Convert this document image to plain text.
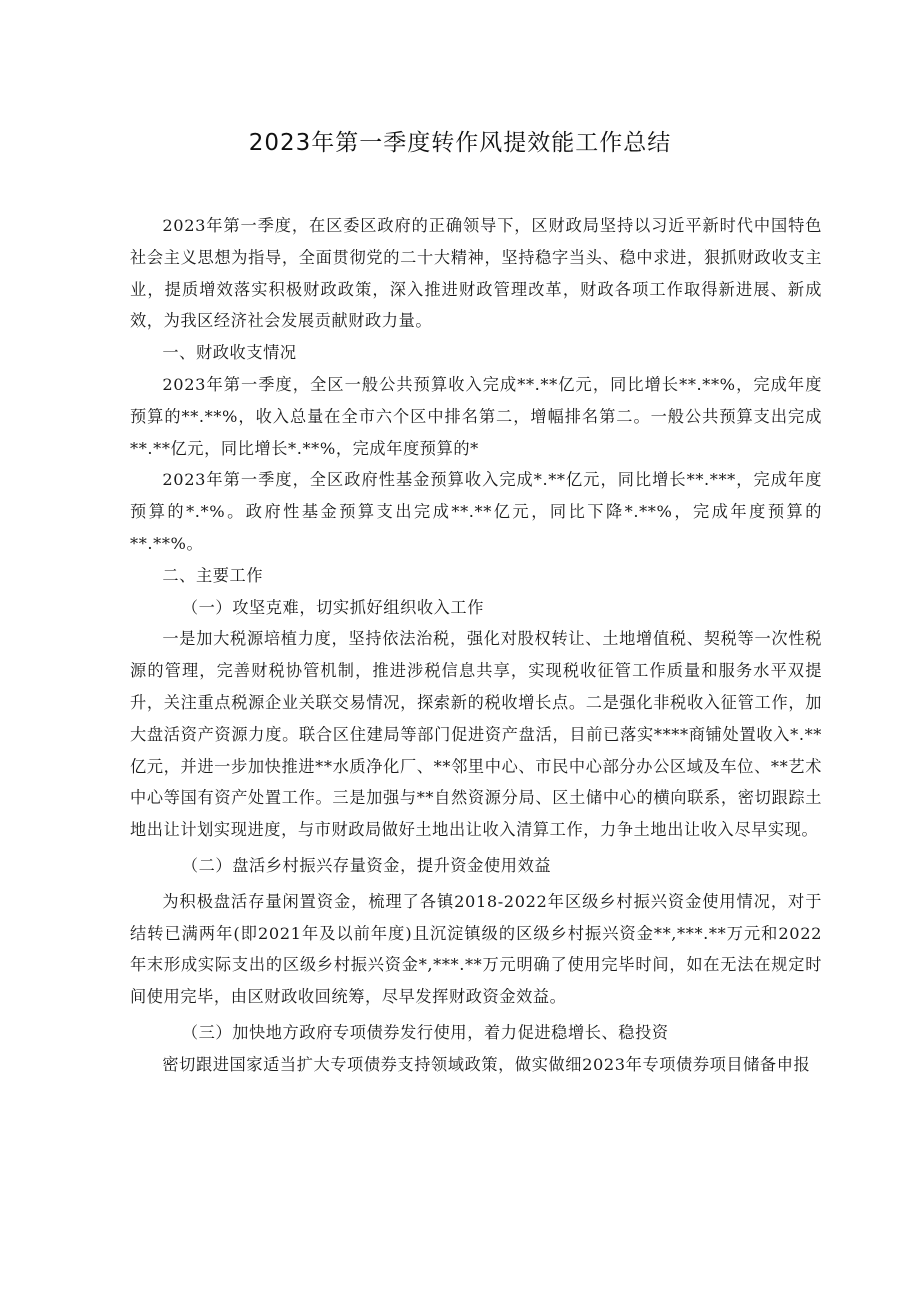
2023年第一季度转作风提效能工作总结

2023年第一季度，在区委区政府的正确领导下，区财政局坚持以习近平新时代中国特色社会主义思想为指导，全面贯彻党的二十大精神，坚持稳字当头、稳中求进，狠抓财政收支主业，提质增效落实积极财政政策，深入推进财政管理改革，财政各项工作取得新进展、新成效，为我区经济社会发展贡献财政力量。

一、财政收支情况

2023年第一季度，全区一般公共预算收入完成**.**亿元，同比增长**.**%，完成年度预算的**.**%，收入总量在全市六个区中排名第二，增幅排名第二。一般公共预算支出完成**.**亿元，同比增长*.**%，完成年度预算的*

2023年第一季度，全区政府性基金预算收入完成*.**亿元，同比增长**.***，完成年度预算的*.*%。政府性基金预算支出完成**.**亿元，同比下降*.**%，完成年度预算的**.**%。

二、主要工作

（一）攻坚克难，切实抓好组织收入工作

一是加大税源培植力度，坚持依法治税，强化对股权转让、土地增值税、契税等一次性税源的管理，完善财税协管机制，推进涉税信息共享，实现税收征管工作质量和服务水平双提升，关注重点税源企业关联交易情况，探索新的税收增长点。二是强化非税收入征管工作，加大盘活资产资源力度。联合区住建局等部门促进资产盘活，目前已落实****商铺处置收入*.**亿元，并进一步加快推进**水质净化厂、**邻里中心、市民中心部分办公区域及车位、**艺术中心等国有资产处置工作。三是加强与**自然资源分局、区土储中心的横向联系，密切跟踪土地出让计划实现进度，与市财政局做好土地出让收入清算工作，力争土地出让收入尽早实现。

（二）盘活乡村振兴存量资金，提升资金使用效益

为积极盘活存量闲置资金，梳理了各镇2018-2022年区级乡村振兴资金使用情况，对于结转已满两年(即2021年及以前年度)且沉淀镇级的区级乡村振兴资金**,***.**万元和2022年末形成实际支出的区级乡村振兴资金*,***.**万元明确了使用完毕时间，如在无法在规定时间使用完毕，由区财政收回统筹，尽早发挥财政资金效益。

（三）加快地方政府专项债券发行使用，着力促进稳增长、稳投资

密切跟进国家适当扩大专项债券支持领域政策，做实做细2023年专项债券项目储备申报
